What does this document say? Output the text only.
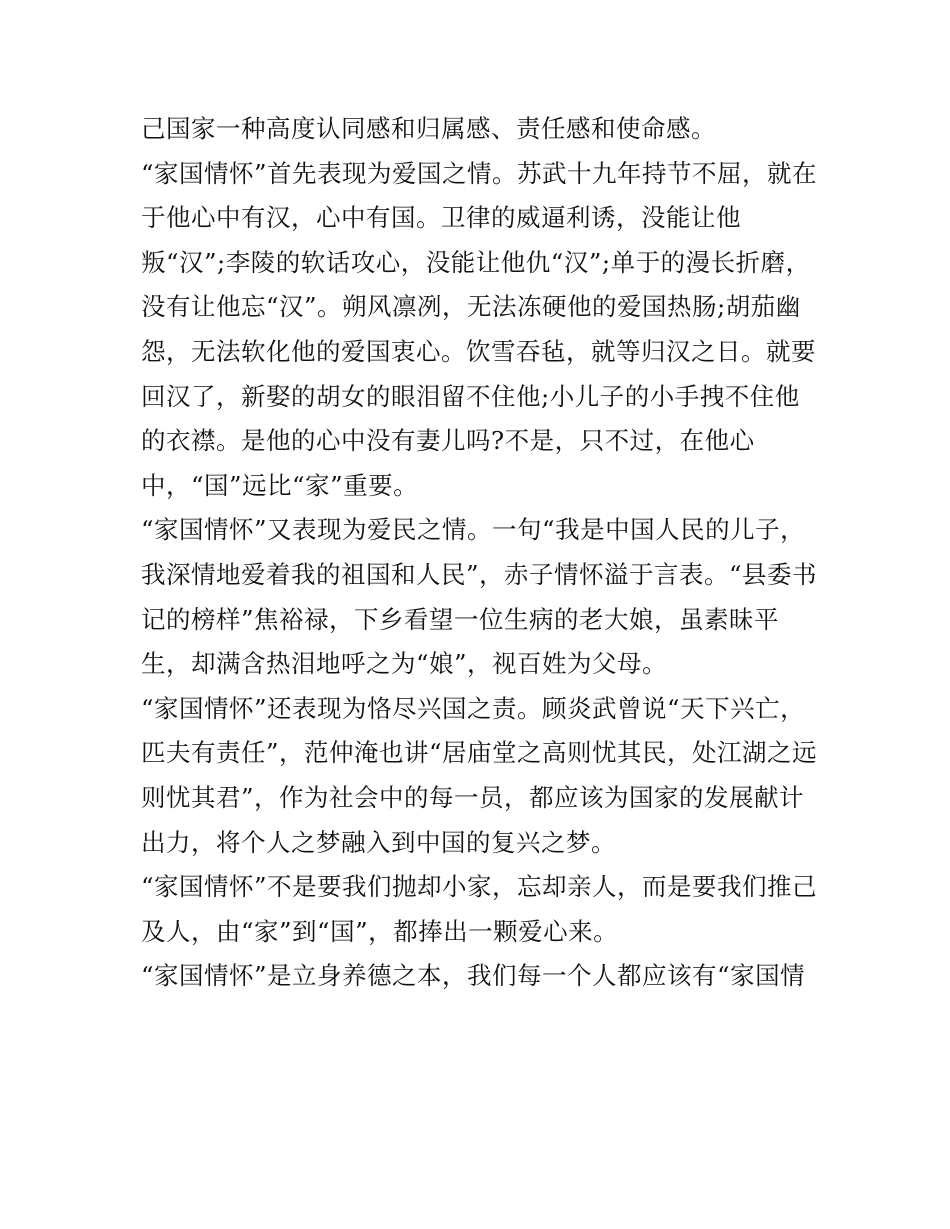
己国家一种高度认同感和归属感、责任感和使命感。
“家国情怀”首先表现为爱国之情。苏武十九年持节不屈，就在
于他心中有汉，心中有国。卫律的威逼利诱，没能让他
叛“汉”;李陵的软话攻心，没能让他仇“汉”;单于的漫长折磨，
没有让他忘“汉”。朔风凛冽，无法冻硬他的爱国热肠;胡茄幽
怨，无法软化他的爱国衷心。饮雪吞毡，就等归汉之日。就要
回汉了，新娶的胡女的眼泪留不住他;小儿子的小手拽不住他
的衣襟。是他的心中没有妻儿吗?不是，只不过，在他心
中，“国”远比“家”重要。
“家国情怀”又表现为爱民之情。一句“我是中国人民的儿子，
我深情地爱着我的祖国和人民”，赤子情怀溢于言表。“县委书
记的榜样”焦裕禄，下乡看望一位生病的老大娘，虽素昧平
生，却满含热泪地呼之为“娘”，视百姓为父母。
“家国情怀”还表现为恪尽兴国之责。顾炎武曾说“天下兴亡，
匹夫有责任”，范仲淹也讲“居庙堂之高则忧其民，处江湖之远
则忧其君”，作为社会中的每一员，都应该为国家的发展献计
出力，将个人之梦融入到中国的复兴之梦。
“家国情怀”不是要我们抛却小家，忘却亲人，而是要我们推己
及人，由“家”到“国”，都捧出一颗爱心来。
“家国情怀”是立身养德之本，我们每一个人都应该有“家国情
